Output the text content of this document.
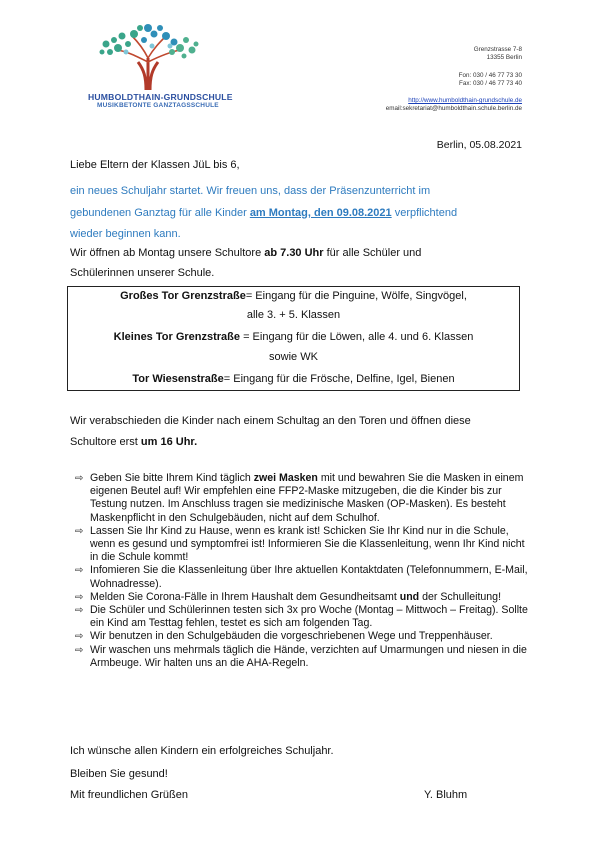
HUMBOLDTHAIN-GRUNDSCHULE
MUSIKBETONTE GANZTAGSSCHULE
Grenzstrasse 7-8
13355 Berlin
Fon: 030 / 46 77 73 30
Fax: 030 / 46 77 73 40
http://www.humboldthain-grundschule.de
email:sekretariat@humboldthain.schule.berlin.de
Berlin, 05.08.2021
Liebe Eltern der Klassen JüL bis 6,
ein neues Schuljahr startet. Wir freuen uns, dass der Präsenzunterricht im
gebundenen Ganztag für alle Kinder am Montag, den 09.08.2021 verpflichtend
wieder beginnen kann.
Wir öffnen ab Montag unsere Schultore ab 7.30 Uhr für alle Schüler und
Schülerinnen unserer Schule.
Großes Tor Grenzstraße= Eingang für die Pinguine, Wölfe, Singvögel,
alle 3. + 5. Klassen
Kleines Tor Grenzstraße = Eingang für die Löwen, alle 4. und 6. Klassen
sowie WK
Tor Wiesenstraße= Eingang für die Frösche, Delfine, Igel, Bienen
Wir verabschieden die Kinder nach einem Schultag an den Toren und öffnen diese
Schultore erst um 16 Uhr.

⇨ Geben Sie bitte Ihrem Kind täglich zwei Masken mit und bewahren Sie die Masken in einem eigenen Beutel auf! Wir empfehlen eine FFP2-Maske mitzugeben, die die Kinder bis zur Testung nutzen. Im Anschluss tragen sie medizinische Masken (OP-Masken). Es besteht Maskenpflicht in den Schulgebäuden, nicht auf dem Schulhof.

⇨ Lassen Sie Ihr Kind zu Hause, wenn es krank ist! Schicken Sie Ihr Kind nur in die Schule, wenn es gesund und symptomfrei ist! Informieren Sie die Klassenleitung, wenn Ihr Kind nicht in die Schule kommt!

⇨ Infomieren Sie die Klassenleitung über Ihre aktuellen Kontaktdaten (Telefonnummern, E-Mail, Wohnadresse).

⇨ Melden Sie Corona-Fälle in Ihrem Haushalt dem Gesundheitsamt und der Schulleitung!

⇨ Die Schüler und Schülerinnen testen sich 3x pro Woche (Montag – Mittwoch – Freitag). Sollte ein Kind am Testtag fehlen, testet es sich am folgenden Tag.

⇨ Wir benutzen in den Schulgebäuden die vorgeschriebenen Wege und Treppenhäuser.

⇨ Wir waschen uns mehrmals täglich die Hände, verzichten auf Umarmungen und niesen in die Armbeuge. Wir halten uns an die AHA-Regeln.

Ich wünsche allen Kindern ein erfolgreiches Schuljahr.
Bleiben Sie gesund!
Mit freundlichen Grüßen	Y. Bluhm
